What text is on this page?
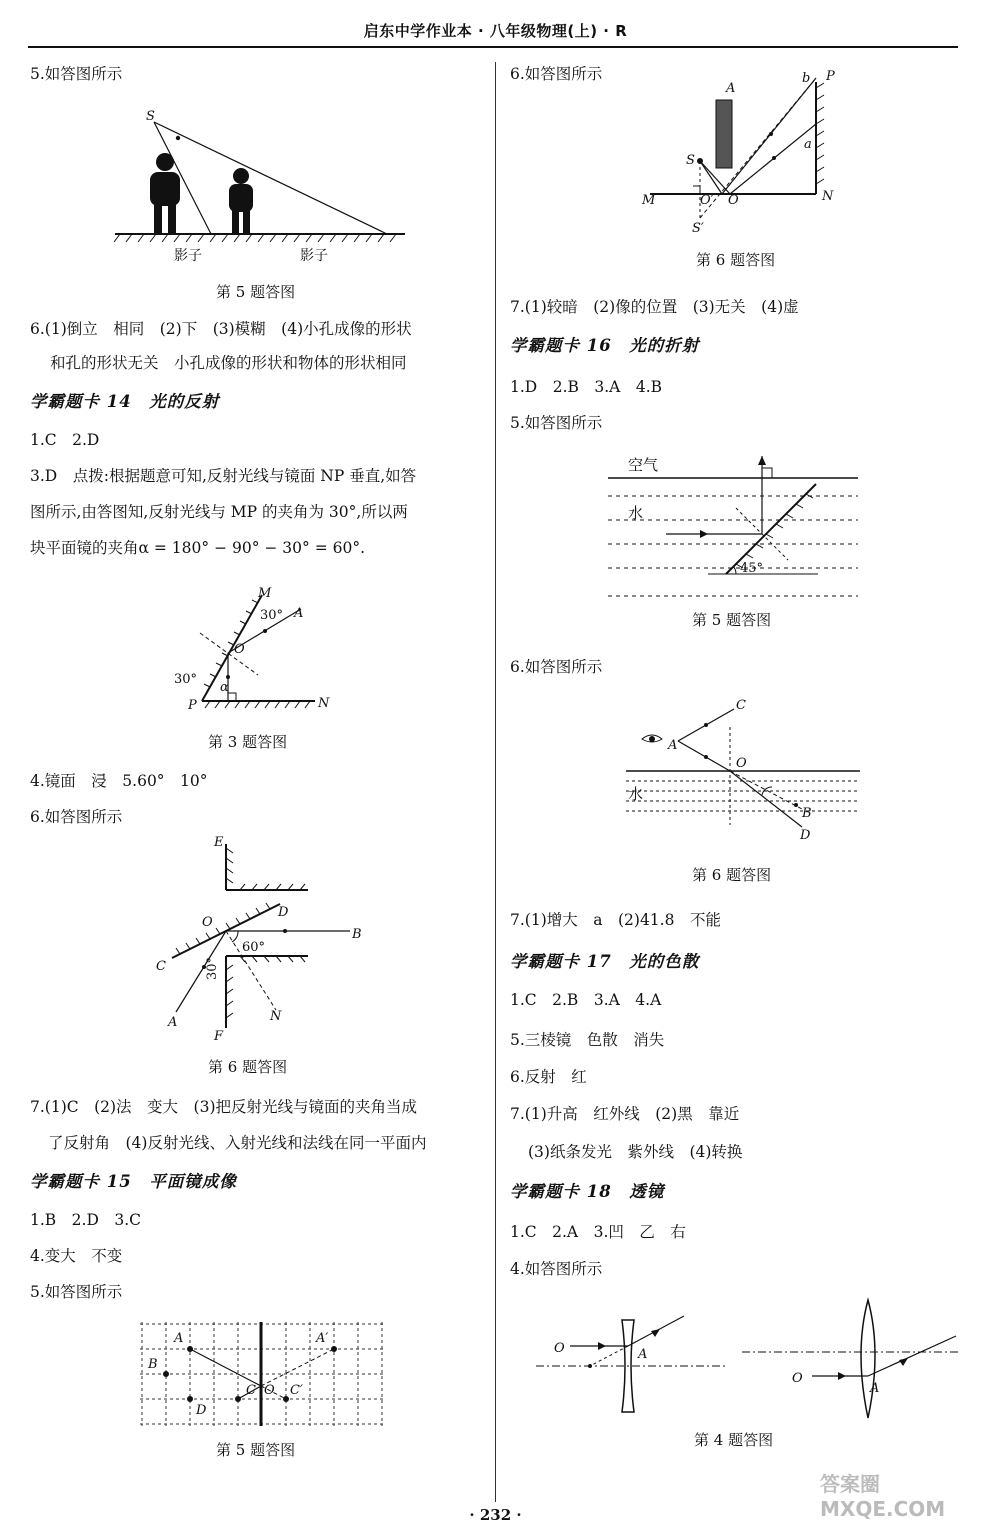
启东中学作业本 · 八年级物理(上) · R
5.如答图所示
S
影子	影子
第 5 题答图
6.(1)倒立　相同　(2)下　(3)模糊　(4)小孔成像的形状
和孔的形状无关　小孔成像的形状和物体的形状相同
学霸题卡 14　光的反射
1.C　2.D
3.D　点拨:根据题意可知,反射光线与镜面 NP 垂直,如答
图所示,由答图知,反射光线与 MP 的夹角为 30°,所以两
块平面镜的夹角α = 180° − 90° − 30° = 60°.
M
A
30°
O
30°
α
P	N
第 3 题答图
4.镜面　浸　5.60°　10°
6.如答图所示
E
O
D
B
60°
C	30°
A
F
N
第 6 题答图
7.(1)C　(2)法　变大　(3)把反射光线与镜面的夹角当成
了反射角　(4)反射光线、入射光线和法线在同一平面内
学霸题卡 15　平面镜成像
1.B　2.D　3.C
4.变大　不变
5.如答图所示
A	A′
B
C O C′
D
第 5 题答图
6.如答图所示
A
b P
a
S
M	O′ O	N
S′
第 6 题答图
7.(1)较暗　(2)像的位置　(3)无关　(4)虚
学霸题卡 16　光的折射
1.D　2.B　3.A　4.B
5.如答图所示
空气
水
45°
第 5 题答图
6.如答图所示
C
A
O
水
B
D
第 6 题答图
7.(1)增大　a　(2)41.8　不能
学霸题卡 17　光的色散
1.C　2.B　3.A　4.A
5.三棱镜　色散　消失
6.反射　红
7.(1)升高　红外线　(2)黑　靠近
(3)纸条发光　紫外线　(4)转换
学霸题卡 18　透镜
1.C　2.A　3.凹　乙　右
4.如答图所示
O	A
O
A
第 4 题答图
· 232 ·
答案圈 MXQE.COM
